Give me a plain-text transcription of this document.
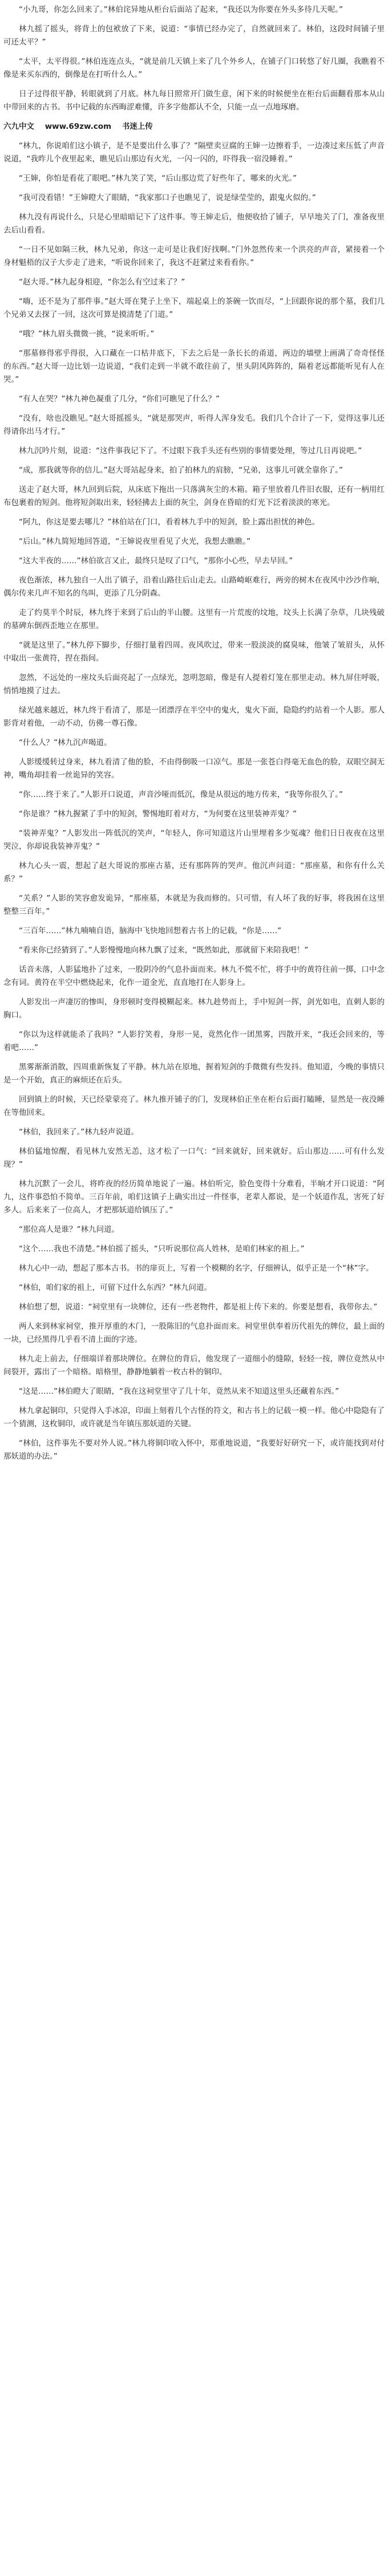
“小九哥，你怎么回来了。”林伯诧异地从柜台后面站了起来，“我还以为你要在外头多待几天呢。”

林九摇了摇头，将背上的包袱放了下来，说道：“事情已经办完了，自然就回来了。林伯，这段时间铺子里可还太平？”

“太平，太平得很。”林伯连连点头，“就是前几天镇上来了几个外乡人，在铺子门口转悠了好几圈，我瞧着不像是来买东西的，倒像是在打听什么人。”

日子过得很平静，转眼就到了月底。林九每日照常开门做生意，闲下来的时候便坐在柜台后面翻看那本从山中带回来的古书。书中记载的东西晦涩难懂，许多字他都认不全，只能一点一点地琢磨。

六九中文 www.69zw.com 书迷上传

“林九，你说咱们这小镇子，是不是要出什么事了？”隔壁卖豆腐的王婶一边擦着手，一边凑过来压低了声音说道，“我昨儿个夜里起来，瞧见后山那边有火光，一闪一闪的，吓得我一宿没睡着。”

“王婶，你怕是看花了眼吧。”林九笑了笑，“后山那边荒了好些年了，哪来的火光。”

“我可没看错！”王婶瞪大了眼睛，“我家那口子也瞧见了，说是绿莹莹的，跟鬼火似的。”

林九没有再说什么，只是心里暗暗记下了这件事。等王婶走后，他便收拾了铺子，早早地关了门，准备夜里去后山看看。

“一日不见如隔三秋，林九兄弟，你这一走可是让我们好找啊。”门外忽然传来一个洪亮的声音，紧接着一个身材魁梧的汉子大步走了进来，“听说你回来了，我这不赶紧过来看看你。”

“赵大哥。”林九起身相迎，“你怎么有空过来了？”

“嗨，还不是为了那件事。”赵大哥在凳子上坐下，端起桌上的茶碗一饮而尽，“上回跟你说的那个墓，我们几个兄弟又去探了一回，这次可算是摸清楚了门道。”

“哦？”林九眉头微微一挑，“说来听听。”

“那墓修得邪乎得很，入口藏在一口枯井底下，下去之后是一条长长的甬道，两边的墙壁上画满了奇奇怪怪的东西。”赵大哥一边比划一边说道，“我们走到一半就不敢往前了，里头阴风阵阵的，隔着老远都能听见有人在哭。”

“有人在哭？”林九神色凝重了几分，“你们可瞧见了什么？”

“没有，啥也没瞧见。”赵大哥摇摇头，“就是那哭声，听得人浑身发毛。我们几个合计了一下，觉得这事儿还得请你出马才行。”

林九沉吟片刻，说道：“这件事我记下了。不过眼下我手头还有些别的事情要处理，等过几日再说吧。”

“成，那我就等你的信儿。”赵大哥站起身来，拍了拍林九的肩膀，“兄弟，这事儿可就全靠你了。”

送走了赵大哥，林九回到后院，从床底下拖出一只落满灰尘的木箱。箱子里放着几件旧衣服，还有一柄用红布包裹着的短剑。他将短剑取出来，轻轻拂去上面的灰尘，剑身在昏暗的灯光下泛着淡淡的寒光。

“阿九，你这是要去哪儿？”林伯站在门口，看着林九手中的短剑，脸上露出担忧的神色。

“后山。”林九简短地回答道，“王婶说夜里看见了火光，我想去瞧瞧。”

“这大半夜的……”林伯欲言又止，最终只是叹了口气，“那你小心些，早去早回。”

夜色渐浓，林九独自一人出了镇子，沿着山路往后山走去。山路崎岖难行，两旁的树木在夜风中沙沙作响，偶尔传来几声不知名的鸟叫，更添了几分阴森。

走了约莫半个时辰，林九终于来到了后山的半山腰。这里有一片荒废的坟地，坟头上长满了杂草，几块残破的墓碑东倒西歪地立在那里。

“就是这里了。”林九停下脚步，仔细打量着四周。夜风吹过，带来一股淡淡的腐臭味，他皱了皱眉头，从怀中取出一张黄符，捏在指间。

忽然，不远处的一座坟头后面亮起了一点绿光，忽明忽暗，像是有人提着灯笼在那里走动。林九屏住呼吸，悄悄地摸了过去。

绿光越来越近，林九终于看清了，那是一团漂浮在半空中的鬼火，鬼火下面，隐隐约约站着一个人影。那人影背对着他，一动不动，仿佛一尊石像。

“什么人？”林九沉声喝道。

人影缓缓转过身来，林九看清了他的脸，不由得倒吸一口凉气。那是一张苍白得毫无血色的脸，双眼空洞无神，嘴角却挂着一丝诡异的笑容。

“你……终于来了。”人影开口说道，声音沙哑而低沉，像是从很远的地方传来，“我等你很久了。”

“你是谁？”林九握紧了手中的短剑，警惕地盯着对方，“为何要在这里装神弄鬼？”

“装神弄鬼？”人影发出一阵低沉的笑声，“年轻人，你可知道这片山里埋着多少冤魂？他们日日夜夜在这里哭泣，你却说我装神弄鬼？”

林九心头一震，想起了赵大哥说的那座古墓，还有那阵阵的哭声。他沉声问道：“那座墓，和你有什么关系？”

“关系？”人影的笑容愈发诡异，“那座墓，本就是为我而修的。只可惜，有人坏了我的好事，将我困在这里整整三百年。”

“三百年……”林九喃喃自语，脑海中飞快地回想着古书上的记载，“你是……”

“看来你已经猜到了。”人影慢慢地向林九飘了过来，“既然如此，那就留下来陪我吧！”

话音未落，人影猛地扑了过来，一股阴冷的气息扑面而来。林九不慌不忙，将手中的黄符往前一掷，口中念念有词。黄符在半空中燃烧起来，化作一道金光，直直地打在人影身上。

人影发出一声凄厉的惨叫，身形顿时变得模糊起来。林九趁势而上，手中短剑一挥，剑光如电，直刺人影的胸口。

“你以为这样就能杀了我吗？”人影狞笑着，身形一晃，竟然化作一团黑雾，四散开来，“我还会回来的，等着吧……”

黑雾渐渐消散，四周重新恢复了平静。林九站在原地，握着短剑的手微微有些发抖。他知道，今晚的事情只是一个开始，真正的麻烦还在后头。

回到镇上的时候，天已经蒙蒙亮了。林九推开铺子的门，发现林伯正坐在柜台后面打瞌睡，显然是一夜没睡在等他回来。

“林伯，我回来了。”林九轻声说道。

林伯猛地惊醒，看见林九安然无恙，这才松了一口气：“回来就好，回来就好。后山那边……可有什么发现？”

林九沉默了一会儿，将昨夜的经历简单地说了一遍。林伯听完，脸色变得十分难看，半晌才开口说道：“阿九，这件事恐怕不简单。三百年前，咱们这镇子上确实出过一件怪事，老辈人都说，是一个妖道作乱，害死了好多人。后来来了一位高人，才把那妖道给镇压了。”

“那位高人是谁？”林九问道。

“这个……我也不清楚。”林伯摇了摇头，“只听说那位高人姓林，是咱们林家的祖上。”

林九心中一动，想起了那本古书。书的扉页上，写着一个模糊的名字，仔细辨认，似乎正是一个“林”字。

“林伯，咱们家的祖上，可留下过什么东西？”林九问道。

林伯想了想，说道：“祠堂里有一块牌位，还有一些老物件，都是祖上传下来的。你要是想看，我带你去。”

两人来到林家祠堂，推开厚重的木门，一股陈旧的气息扑面而来。祠堂里供奉着历代祖先的牌位，最上面的一块，已经黑得几乎看不清上面的字迹。

林九走上前去，仔细端详着那块牌位。在牌位的背后，他发现了一道细小的缝隙，轻轻一按，牌位竟然从中间裂开，露出了一个暗格。暗格里，静静地躺着一枚古朴的铜印。

“这是……”林伯瞪大了眼睛，“我在这祠堂里守了几十年，竟然从来不知道这里头还藏着东西。”

林九拿起铜印，只觉得入手冰凉，印面上刻着几个古怪的符文，和古书上的记载一模一样。他心中隐隐有了一个猜测，这枚铜印，或许就是当年镇压那妖道的关键。

“林伯，这件事先不要对外人说。”林九将铜印收入怀中，郑重地说道，“我要好好研究一下，或许能找到对付那妖道的办法。”
